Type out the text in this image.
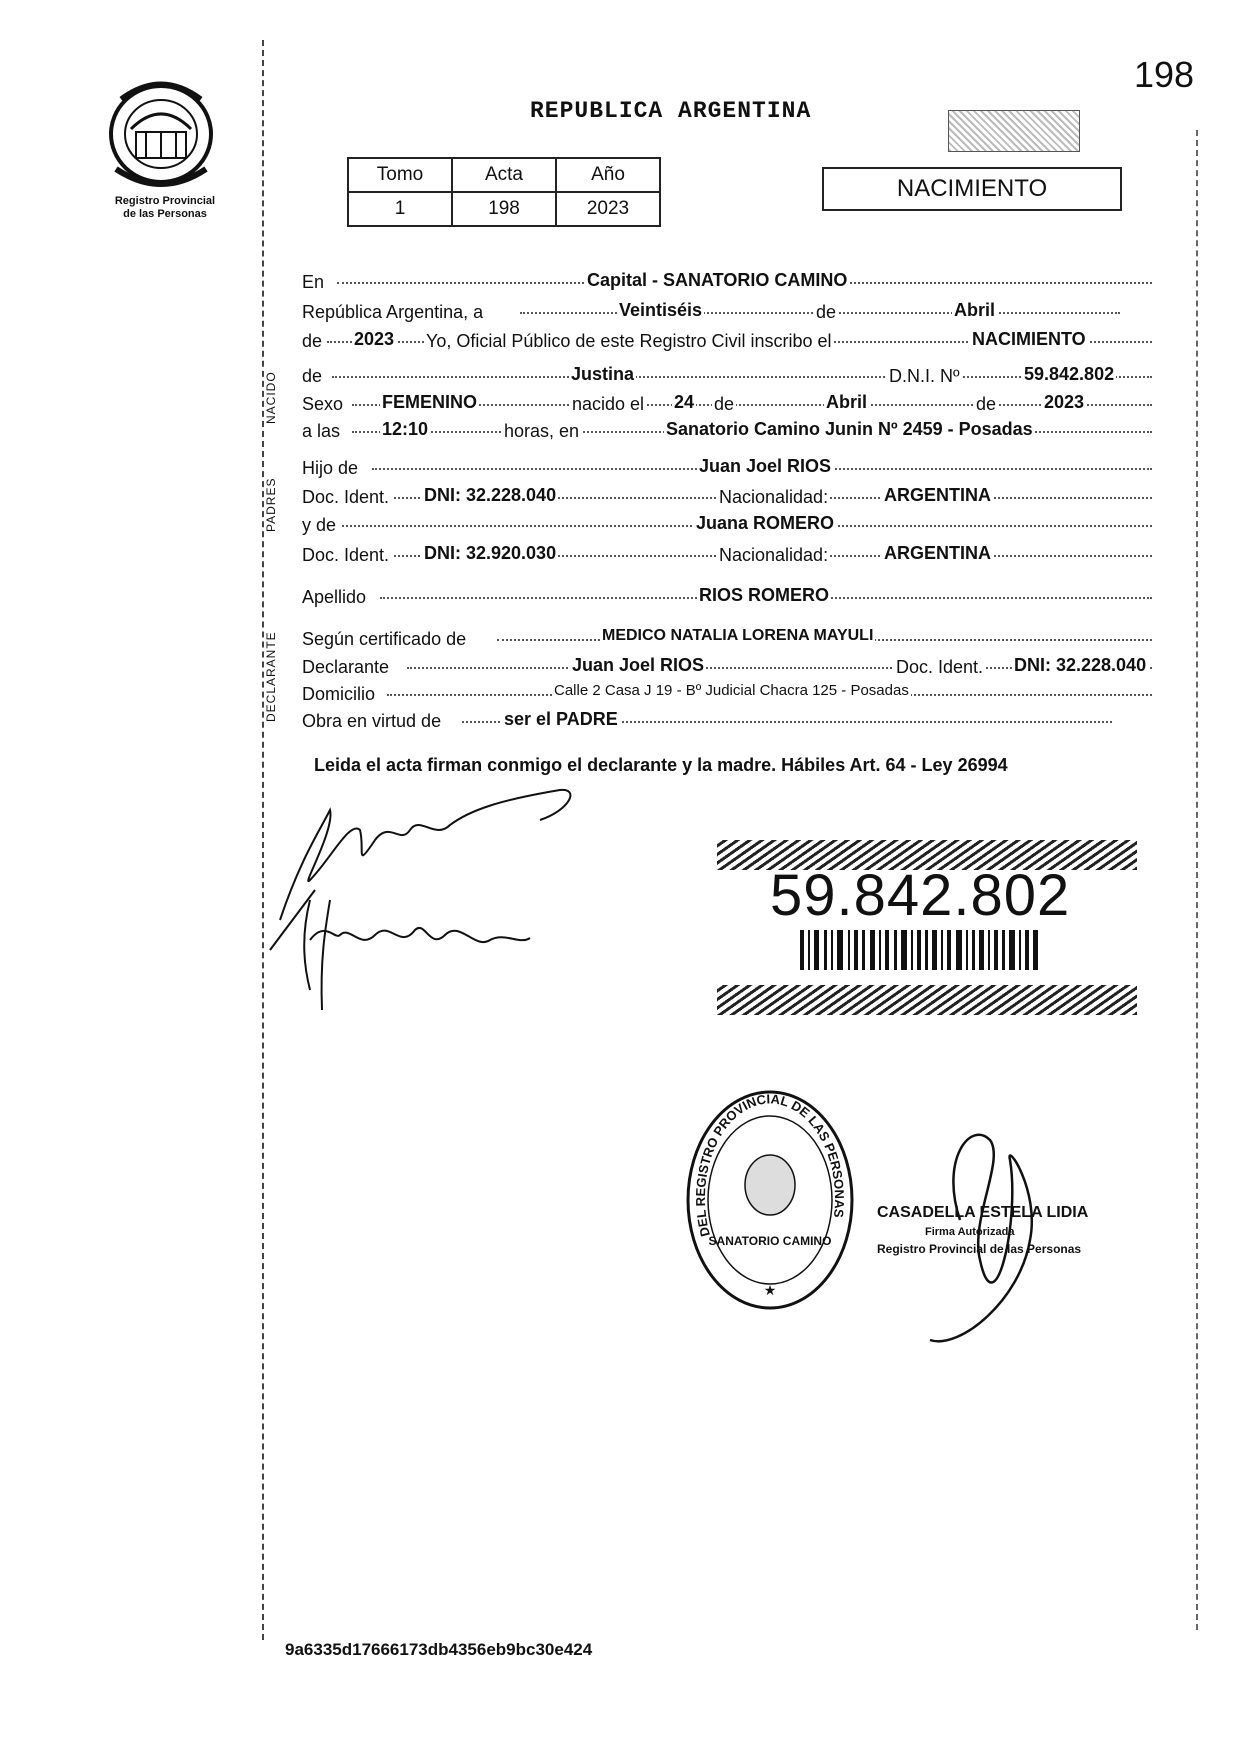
198
Registro Provincial
de las Personas
REPUBLICA ARGENTINA
Tomo	Acta	Año
1	198	2023
NACIMIENTO
NACIDO
PADRES
DECLARANTE
En	Capital - SANATORIO CAMINO
República Argentina, a	Veintiséis	de	Abril
de 2023 Yo, Oficial Público de este Registro Civil inscribo el	NACIMIENTO
de	Justina	D.N.I. Nº	59.842.802
Sexo FEMENINO	nacido el 24 de	Abril	de	2023
a las 12:10	horas, en	Sanatorio Camino Junin Nº 2459 - Posadas
Hijo de	Juan Joel RIOS
Doc. Ident. DNI: 32.228.040	Nacionalidad:	ARGENTINA
y de	Juana ROMERO
Doc. Ident. DNI: 32.920.030	Nacionalidad:	ARGENTINA
Apellido	RIOS ROMERO
Según certificado de	MEDICO NATALIA LORENA MAYULI
Declarante	Juan Joel RIOS	Doc. Ident. DNI: 32.228.040
Domicilio	Calle 2 Casa J 19 - Bº Judicial Chacra 125 - Posadas
Obra en virtud de	ser el PADRE
Leida el acta firman conmigo el declarante y la madre. Hábiles Art. 64 - Ley 26994
59.842.802
DEL REGISTRO PROVINCIAL DE LAS PERSONAS
SANATORIO CAMINO
★
CASADELLA ESTELA LIDIA
Firma Autorizada
Registro Provincial de las Personas
9a6335d17666173db4356eb9bc30e424
